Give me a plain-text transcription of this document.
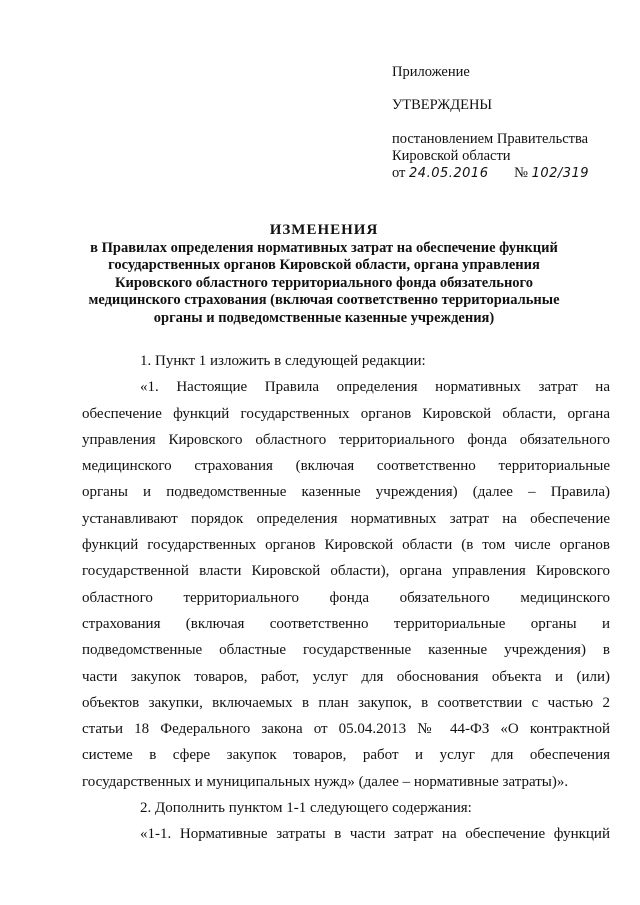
Приложение
УТВЕРЖДЕНЫ
постановлением Правительства
Кировской области
от 24.05.2016 № 102/319
ИЗМЕНЕНИЯ
в Правилах определения нормативных затрат на обеспечение функций
государственных органов Кировской области, органа управления
Кировского областного территориального фонда обязательного
медицинского страхования (включая соответственно территориальные
органы и подведомственные казенные учреждения)
1. Пункт 1 изложить в следующей редакции:
«1. Настоящие Правила определения нормативных затрат на
обеспечение функций государственных органов Кировской области, органа
управления Кировского областного территориального фонда обязательного
медицинского страхования (включая соответственно территориальные
органы и подведомственные казенные учреждения) (далее – Правила)
устанавливают порядок определения нормативных затрат на обеспечение
функций государственных органов Кировской области (в том числе органов
государственной власти Кировской области), органа управления Кировского
областного территориального фонда обязательного медицинского
страхования (включая соответственно территориальные органы и
подведомственные областные государственные казенные учреждения) в
части закупок товаров, работ, услуг для обоснования объекта и (или)
объектов закупки, включаемых в план закупок, в соответствии с частью 2
статьи 18 Федерального закона от 05.04.2013 № 44-ФЗ «О контрактной
системе в сфере закупок товаров, работ и услуг для обеспечения
государственных и муниципальных нужд» (далее – нормативные затраты)».
2. Дополнить пунктом 1-1 следующего содержания:
«1-1. Нормативные затраты в части затрат на обеспечение функций
